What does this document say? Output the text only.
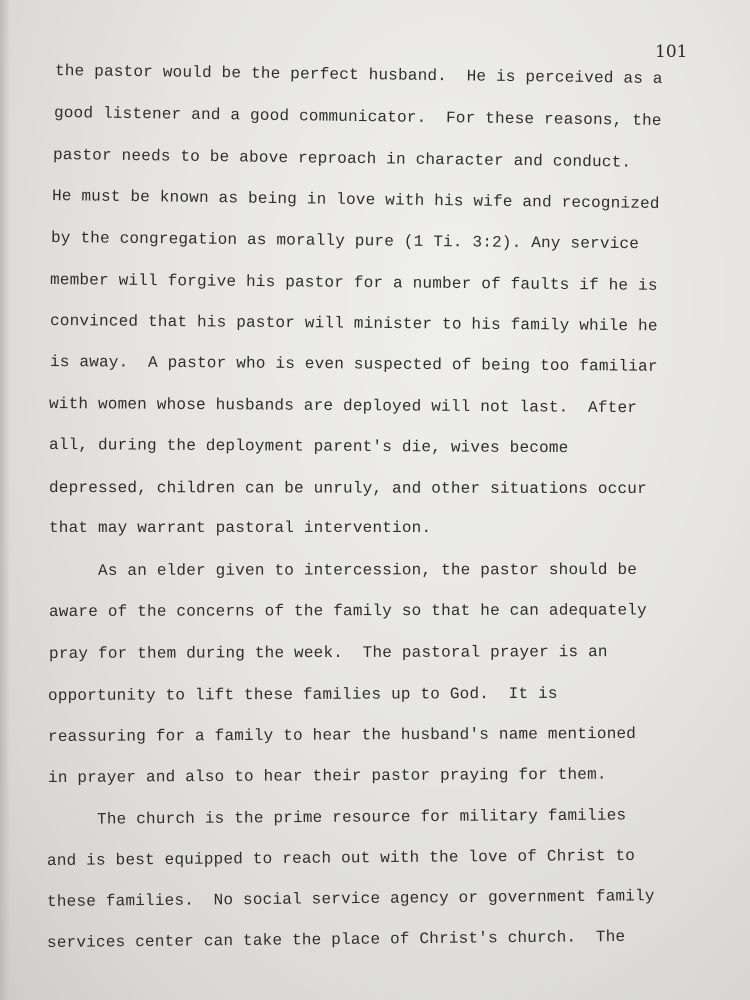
101
the pastor would be the perfect husband.  He is perceived as a
good listener and a good communicator.  For these reasons, the
pastor needs to be above reproach in character and conduct.
He must be known as being in love with his wife and recognized
by the congregation as morally pure (1 Ti. 3:2). Any service
member will forgive his pastor for a number of faults if he is
convinced that his pastor will minister to his family while he
is away.  A pastor who is even suspected of being too familiar
with women whose husbands are deployed will not last.  After
all, during the deployment parent's die, wives become
depressed, children can be unruly, and other situations occur
that may warrant pastoral intervention.
As an elder given to intercession, the pastor should be
aware of the concerns of the family so that he can adequately
pray for them during the week.  The pastoral prayer is an
opportunity to lift these families up to God.  It is
reassuring for a family to hear the husband's name mentioned
in prayer and also to hear their pastor praying for them.
The church is the prime resource for military families
and is best equipped to reach out with the love of Christ to
these families.  No social service agency or government family
services center can take the place of Christ's church.  The
